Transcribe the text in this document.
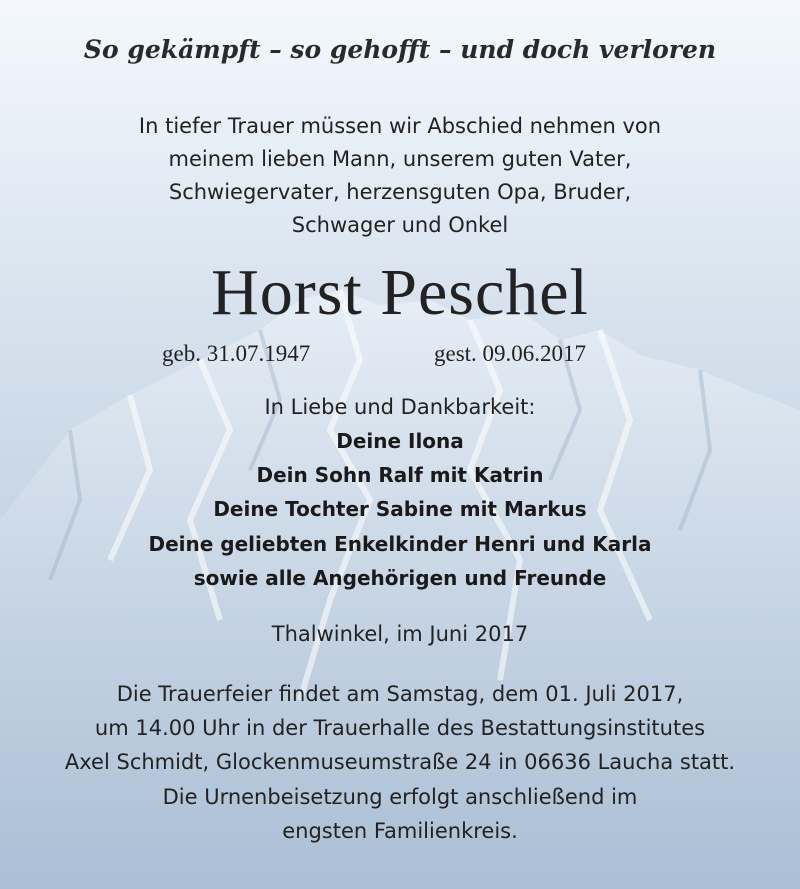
So gekämpft – so gehofft – und doch verloren
In tiefer Trauer müssen wir Abschied nehmen von
meinem lieben Mann, unserem guten Vater,
Schwiegervater, herzensguten Opa, Bruder,
Schwager und Onkel
Horst Peschel
geb. 31.07.1947	gest. 09.06.2017
In Liebe und Dankbarkeit:
Deine Ilona
Dein Sohn Ralf mit Katrin
Deine Tochter Sabine mit Markus
Deine geliebten Enkelkinder Henri und Karla
sowie alle Angehörigen und Freunde
Thalwinkel, im Juni 2017
Die Trauerfeier findet am Samstag, dem 01. Juli 2017,
um 14.00 Uhr in der Trauerhalle des Bestattungsinstitutes
Axel Schmidt, Glockenmuseumstraße 24 in 06636 Laucha statt.
Die Urnenbeisetzung erfolgt anschließend im
engsten Familienkreis.
